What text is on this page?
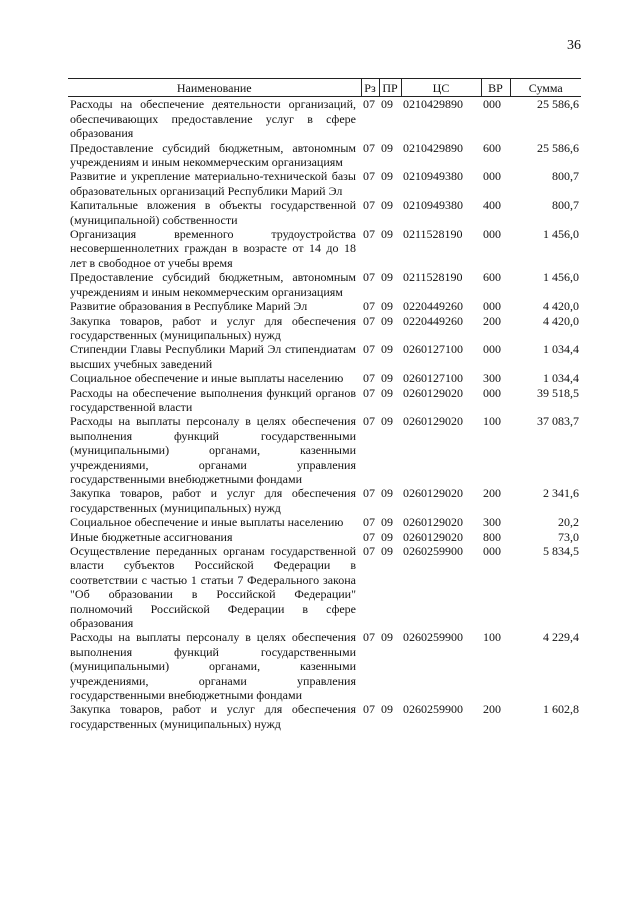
36
Наименование	Рз	ПР	ЦС	ВР	Сумма
Расходы на обеспечение деятельности организаций, обеспечивающих предоставление услуг в сфере образования	07	09	0210429890	000	25 586,6
Предоставление субсидий бюджетным, автономным учреждениям и иным некоммерческим организациям	07	09	0210429890	600	25 586,6
Развитие и укрепление материально-технической базы образовательных организаций Республики Марий Эл	07	09	0210949380	000	800,7
Капитальные вложения в объекты государственной (муниципальной) собственности	07	09	0210949380	400	800,7
Организация временного трудоустройства несовершеннолетних граждан в возрасте от 14 до 18 лет в свободное от учебы время	07	09	0211528190	000	1 456,0
Предоставление субсидий бюджетным, автономным учреждениям и иным некоммерческим организациям	07	09	0211528190	600	1 456,0
Развитие образования в Республике Марий Эл	07	09	0220449260	000	4 420,0
Закупка товаров, работ и услуг для обеспечения государственных (муниципальных) нужд	07	09	0220449260	200	4 420,0
Стипендии Главы Республики Марий Эл стипендиатам высших учебных заведений	07	09	0260127100	000	1 034,4
Социальное обеспечение и иные выплаты населению	07	09	0260127100	300	1 034,4
Расходы на обеспечение выполнения функций органов государственной власти	07	09	0260129020	000	39 518,5
Расходы на выплаты персоналу в целях обеспечения выполнения функций государственными (муниципальными) органами, казенными учреждениями, органами управления государственными внебюджетными фондами	07	09	0260129020	100	37 083,7
Закупка товаров, работ и услуг для обеспечения государственных (муниципальных) нужд	07	09	0260129020	200	2 341,6
Социальное обеспечение и иные выплаты населению	07	09	0260129020	300	20,2
Иные бюджетные ассигнования	07	09	0260129020	800	73,0
Осуществление переданных органам государственной власти субъектов Российской Федерации в соответствии с частью 1 статьи 7 Федерального закона "Об образовании в Российской Федерации" полномочий Российской Федерации в сфере образования	07	09	0260259900	000	5 834,5
Расходы на выплаты персоналу в целях обеспечения выполнения функций государственными (муниципальными) органами, казенными учреждениями, органами управления государственными внебюджетными фондами	07	09	0260259900	100	4 229,4
Закупка товаров, работ и услуг для обеспечения государственных (муниципальных) нужд	07	09	0260259900	200	1 602,8
